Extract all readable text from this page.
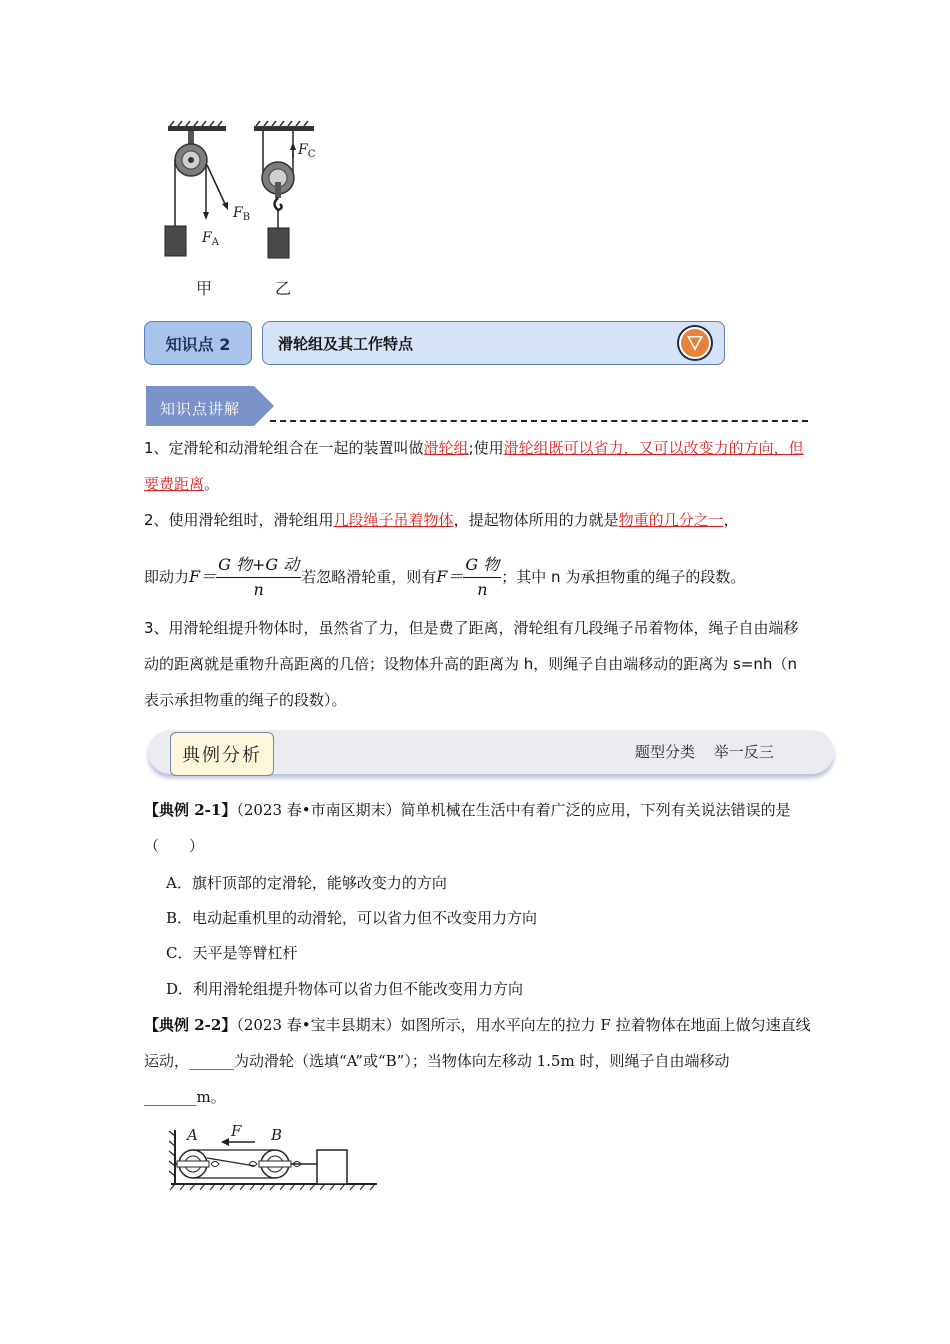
$F_A$
$F_B$
$F_C$
甲	乙
知识点 2	滑轮组及其工作特点
知识点讲解
1、定滑轮和动滑轮组合在一起的装置叫做滑轮组;使用滑轮组既可以省力，又可以改变力的方向，但要费距离。
2、使用滑轮组时，滑轮组用几段绳子吊着物体，提起物体所用的力就是物重的几分之一，
即动力$F= \frac{\text{G 物+G 动}}{n}$ 若忽略滑轮重，则有$F= \frac{\text{G 物}}{n}$ ；其中 n 为承担物重的绳子的段数。
3、用滑轮组提升物体时，虽然省了力，但是费了距离，滑轮组有几段绳子吊着物体，绳子自由端移动的距离就是重物升高距离的几倍；设物体升高的距离为 h，则绳子自由端移动的距离为 s=nh（n 表示承担物重的绳子的段数）。
典例分析	题型分类 举一反三
【典例 2-1】（2023 春•市南区期末）简单机械在生活中有着广泛的应用，下列有关说法错误的是（　　）
A．旗杆顶部的定滑轮，能够改变力的方向
B．电动起重机里的动滑轮，可以省力但不改变用力方向
C．天平是等臂杠杆
D．利用滑轮组提升物体可以省力但不能改变用力方向
【典例 2-2】（2023 春•宝丰县期末）如图所示，用水平向左的拉力 F 拉着物体在地面上做匀速直线运动，______为动滑轮（选填“A”或“B”）；当物体向左移动 1.5m 时，则绳子自由端移动 _______m。
A F B
